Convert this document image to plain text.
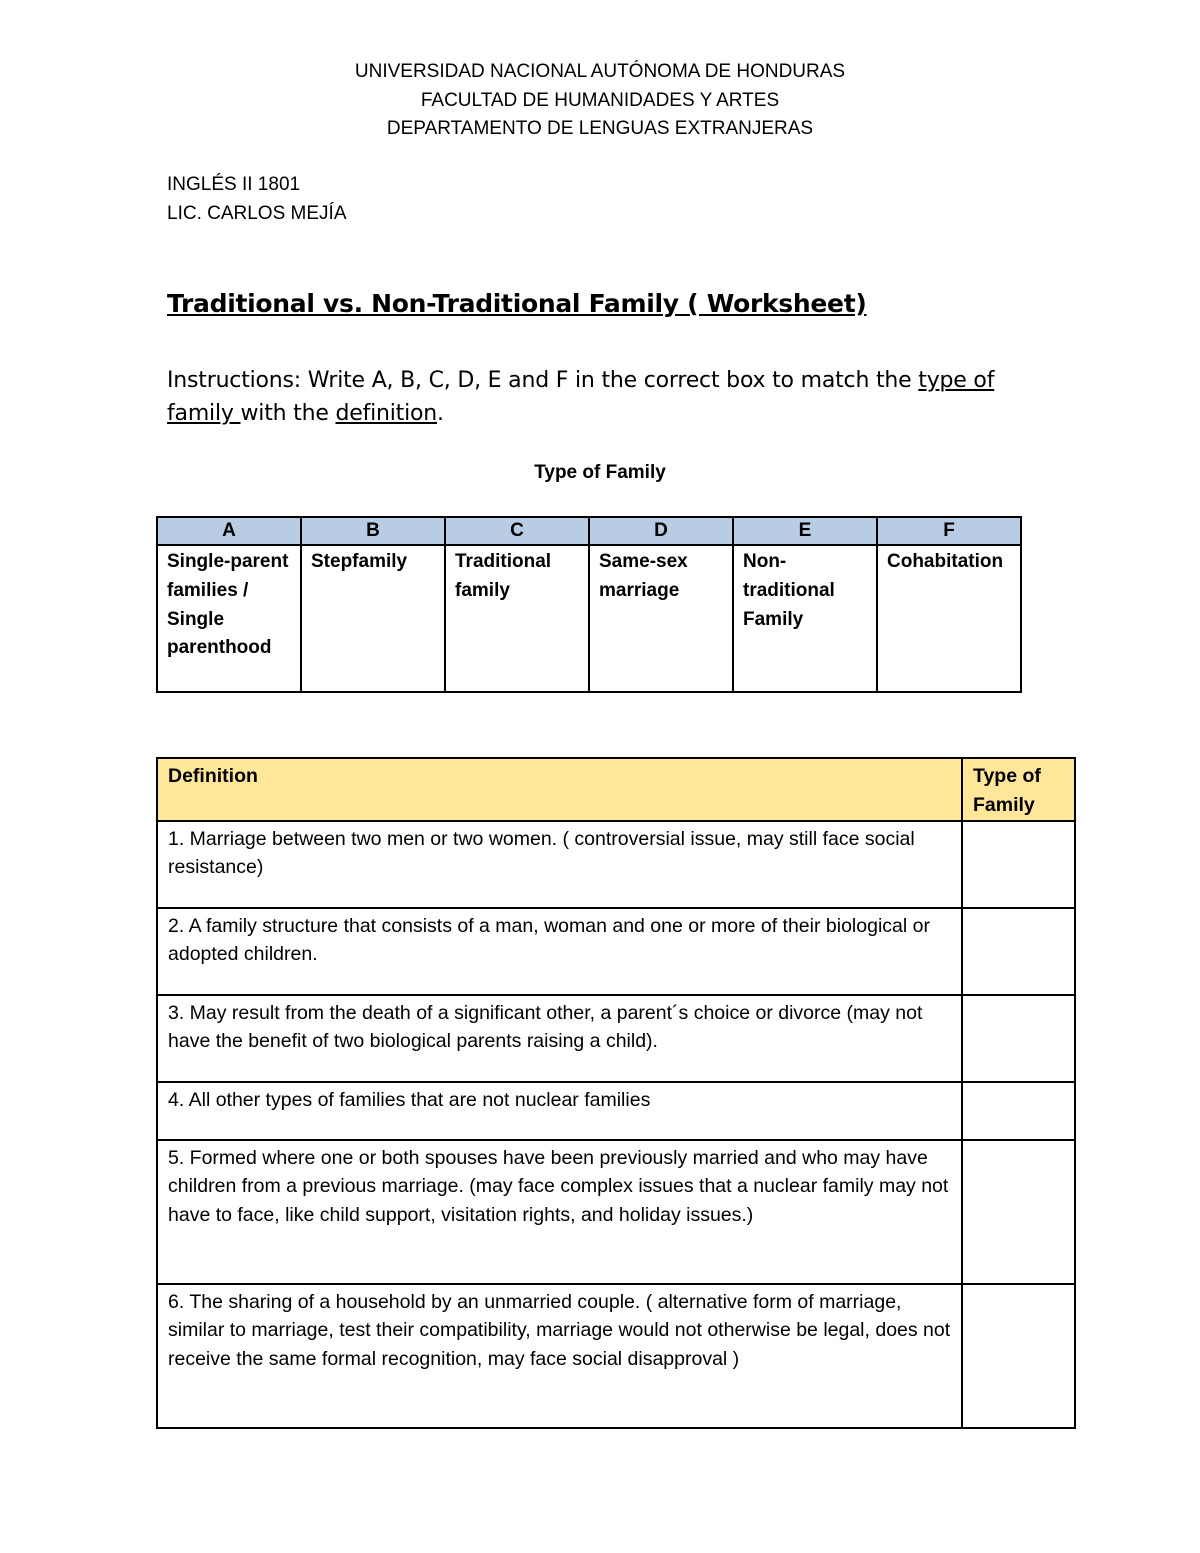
UNIVERSIDAD NACIONAL AUTÓNOMA DE HONDURAS
FACULTAD DE HUMANIDADES Y ARTES
DEPARTAMENTO DE LENGUAS EXTRANJERAS
INGLÉS II 1801
LIC. CARLOS MEJÍA
Traditional vs. Non-Traditional Family ( Worksheet)
Instructions: Write A, B, C, D, E and F in the correct box to match the type of family with the definition.
Type of Family
A	B	C	D	E	F
Single-parent families / Single parenthood	Stepfamily	Traditional family	Same-sex marriage	Non-traditional Family	Cohabitation
Definition	Type of Family
1. Marriage between two men or two women. ( controversial issue, may still face social resistance)	
2. A family structure that consists of a man, woman and one or more of their biological or adopted children.	
3. May result from the death of a significant other, a parent´s choice or divorce (may not have the benefit of two biological parents raising a child).	
4. All other types of families that are not nuclear families	
5. Formed where one or both spouses have been previously married and who may have children from a previous marriage. (may face complex issues that a nuclear family may not have to face, like child support, visitation rights, and holiday issues.)	
6. The sharing of a household by an unmarried couple. ( alternative form of marriage, similar to marriage, test their compatibility, marriage would not otherwise be legal, does not receive the same formal recognition, may face social disapproval )	
